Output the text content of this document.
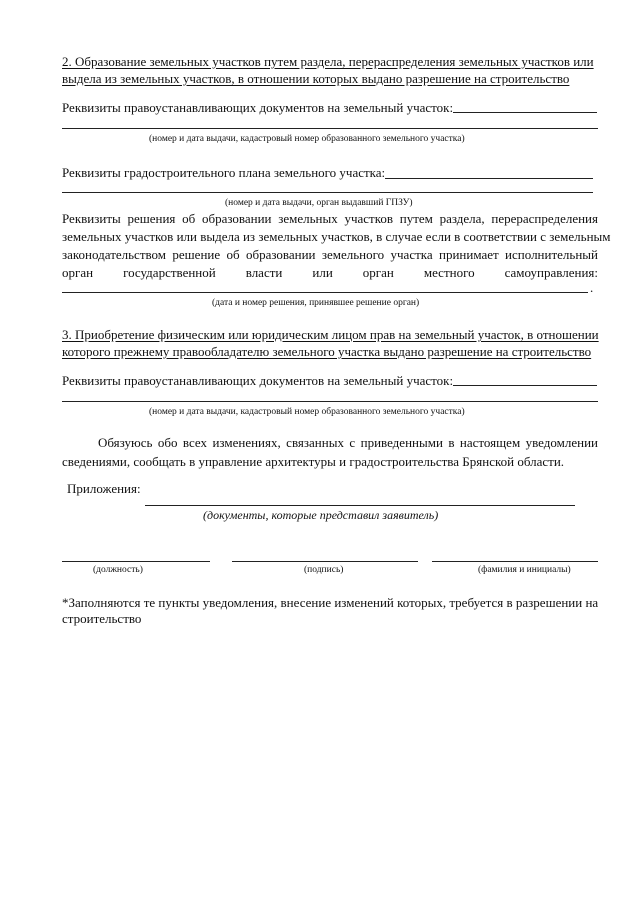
2. Образование земельных участков путем раздела, перераспределения земельных участков или
выдела из земельных участков, в отношении которых выдано разрешение на строительство
Реквизиты правоустанавливающих документов на земельный участок:
(номер и дата выдачи, кадастровый номер образованного земельного участка)
Реквизиты градостроительного плана земельного участка:
(номер и дата выдачи, орган выдавший ГПЗУ)
Реквизиты решения об образовании земельных участков путем раздела, перераспределения
земельных участков или выдела из земельных участков, в случае если в соответствии с земельным
законодательством решение об образовании земельного участка принимает исполнительный
орган государственной власти или орган местного самоуправления:
.
(дата и номер решения, принявшее решение орган)
3. Приобретение физическим или юридическим лицом прав на земельный участок, в отношении
которого прежнему правообладателю земельного участка выдано разрешение на строительство
Реквизиты правоустанавливающих документов на земельный участок:
(номер и дата выдачи, кадастровый номер образованного земельного участка)
Обязуюсь обо всех изменениях, связанных с приведенными в настоящем уведомлении
сведениями, сообщать в управление архитектуры и градостроительства Брянской области.
Приложения:
(документы, которые представил заявитель)
(должность)	(подпись)	(фамилия и инициалы)
*Заполняются те пункты уведомления, внесение изменений которых, требуется в разрешении на
строительство
